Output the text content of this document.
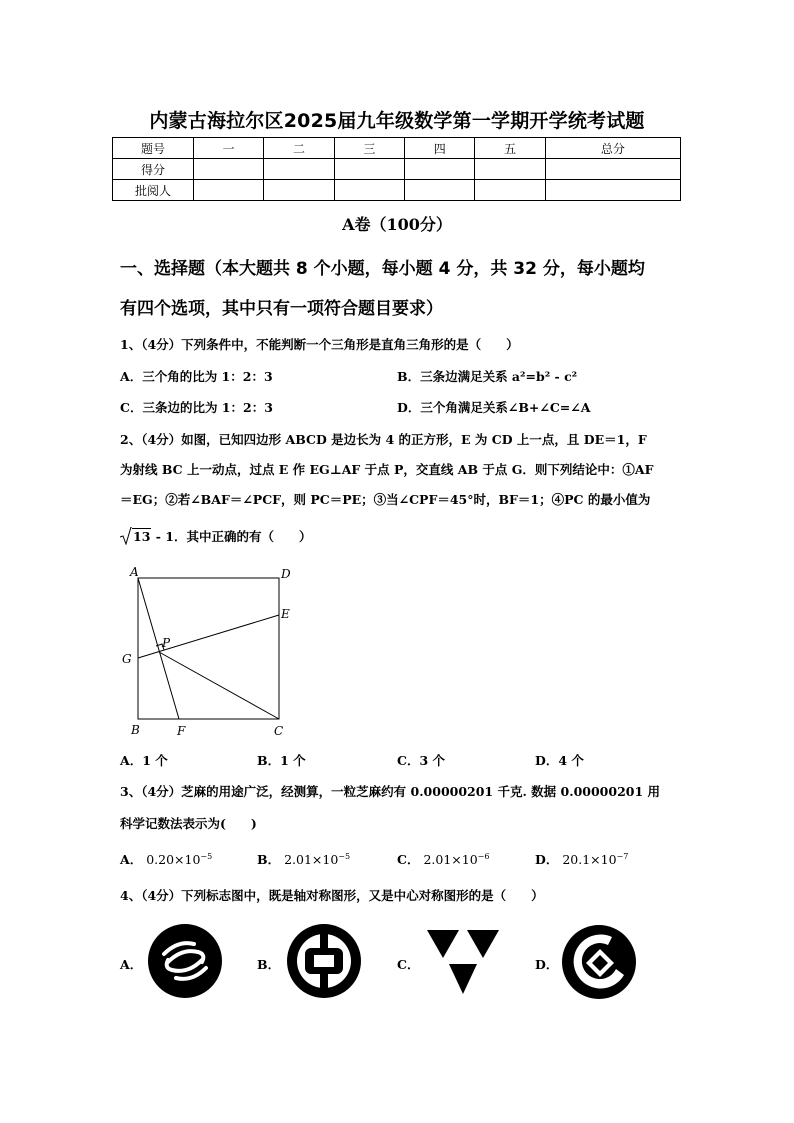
内蒙古海拉尔区2025届九年级数学第一学期开学统考试题
题号	一	二	三	四	五	总分
得分						
批阅人						
A卷（100分）
一、选择题（本大题共 8 个小题，每小题 4 分，共 32 分，每小题均
有四个选项，其中只有一项符合题目要求）
1、（4分）下列条件中，不能判断一个三角形是直角三角形的是（　　）
A．三个角的比为 1：2：3	B．三条边满足关系 a²=b² - c²
C．三条边的比为 1：2：3	D．三个角满足关系∠B+∠C=∠A
2、（4分）如图，已知四边形 ABCD 是边长为 4 的正方形，E 为 CD 上一点，且 DE＝1，F
为射线 BC 上一动点，过点 E 作 EG⊥AF 于点 P，交直线 AB 于点 G．则下列结论中：①AF
＝EG；②若∠BAF＝∠PCF，则 PC＝PE；③当∠CPF＝45°时，BF＝1；④PC 的最小值为
13 - 1．其中正确的有（　　）
A	D
E
P
G
B	F	C
A．1 个	B．1 个	C．3 个	D．4 个
3、（4分）芝麻的用途广泛，经测算，一粒芝麻约有 0.00000201 千克. 数据 0.00000201 用
科学记数法表示为(　　)
A． $0.20\times 10^{-5}$	B． $2.01\times 10^{-5}$	C． $2.01\times 10^{-6}$	D． $20.1\times 10^{-7}$
4、（4分）下列标志图中，既是轴对称图形，又是中心对称图形的是（　　）
A．	B．	C．	D．
